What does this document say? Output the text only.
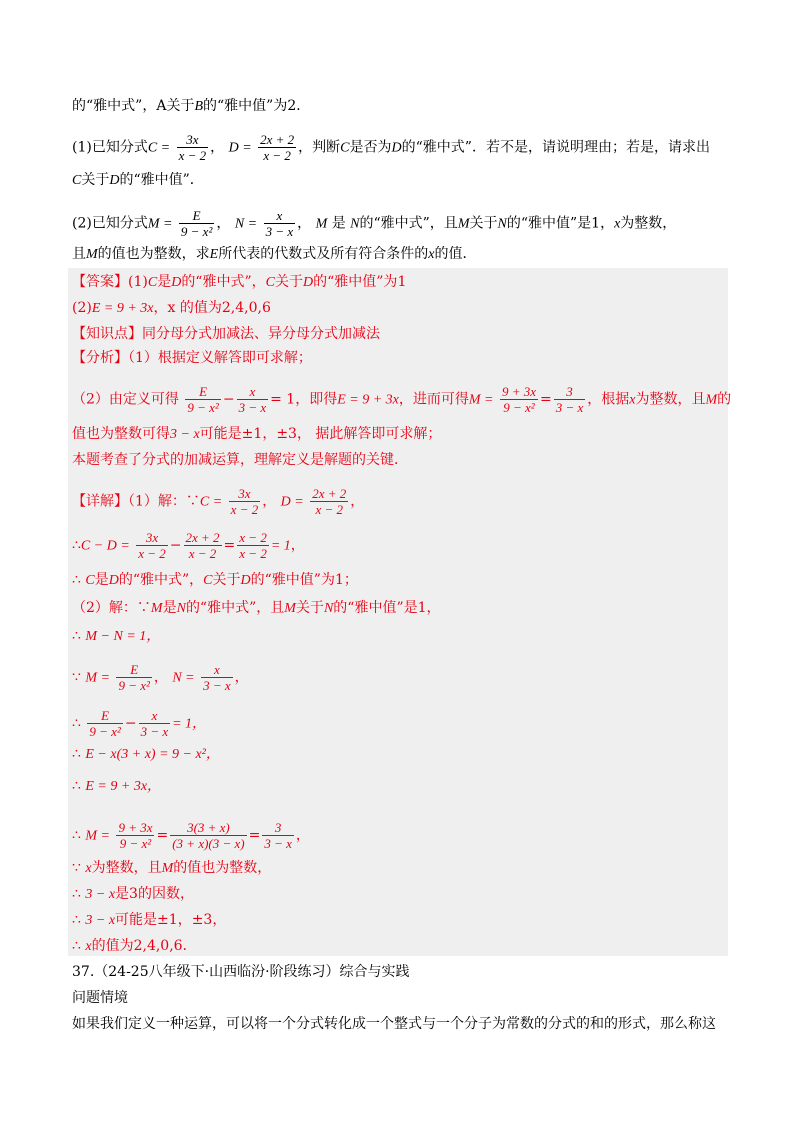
的“雅中式”，A关于B的“雅中值”为2．
(1)已知分式$C = \frac{3x}{x - 2}$ ， $D = \frac{2x + 2}{x - 2}$ ，判断C是否为D的“雅中式”．若不是，请说明理由；若是，请求出
C关于D的“雅中值”．
(2)已知分式$M = \frac{E}{\text{9 − x²}}$ ， $N = \frac{x}{3 - x}$ ， M 是 N的“雅中式”，且M关于N的“雅中值”是1，x为整数，
且M的值也为整数，求E所代表的代数式及所有符合条件的x的值．
【答案】(1)C是D的“雅中式”，C关于D的“雅中值”为1
(2)E = 9 + 3x，x 的值为2,4,0,6
【知识点】同分母分式加减法、异分母分式加减法
【分析】（1）根据定义解答即可求解；
（2）由定义可得 $\frac{E}{\text{9 − x²}} - \frac{x}{3 - x} = 1$，即得E = 9 + 3x，进而可得$M = \frac{9 + 3x}{\text{9 − x²}} = \frac{3}{3 - x}$ ，根据x为整数，且M的
值也为整数可得3 − x可能是±1，±3， 据此解答即可求解；
本题考查了分式的加减运算，理解定义是解题的关键．
【详解】（1）解：∵C = $\frac{3x}{x - 2}$ ， $D = \frac{2x + 2}{x - 2}$ ，
∴C − $D = \frac{3x}{x - 2} - \frac{2x + 2}{x - 2} = \frac{x - 2}{x - 2} = 1$，
∴ C是D的“雅中式”，C关于D的“雅中值”为1；
（2）解：∵M是N的“雅中式”，且M关于N的“雅中值”是1，
∴ M − N = 1，
∵ $M = \frac{E}{\text{9 − x²}}$ ， $N = \frac{x}{3 - x}$ ，
∴ $\frac{E}{\text{9 − x²}} - \frac{x}{3 - x} = 1$，
∴ E − x(3 + x) = 9 − x²，
∴ E = 9 + 3x，
∴ $M = \frac{9 + 3x}{\text{9 − x²}} = \frac{3(3 + x)}{(3 + x)(3 - x)} = \frac{3}{3 - x}$ ，
∵ x为整数，且M的值也为整数，
∴ 3 − x是3的因数，
∴ 3 − x可能是±1，±3，
∴ x的值为2,4,0,6．
37.（24-25八年级下·山西临汾·阶段练习）综合与实践
问题情境
如果我们定义一种运算，可以将一个分式转化成一个整式与一个分子为常数的分式的和的形式，那么称这
